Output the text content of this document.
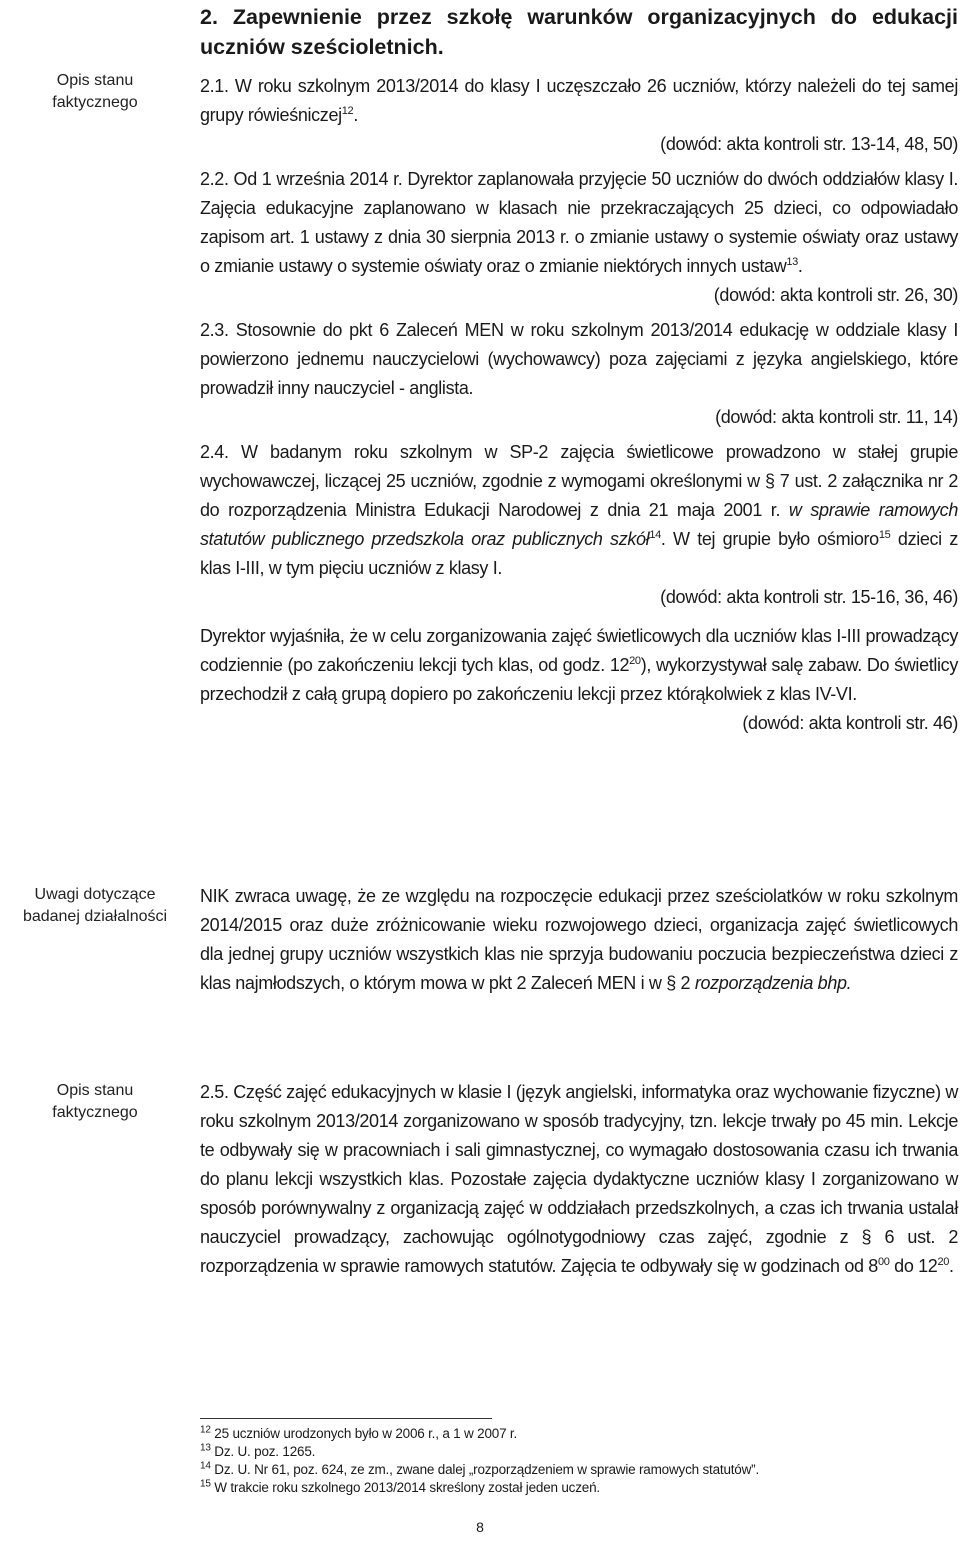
2. Zapewnienie przez szkołę warunków organizacyjnych do edukacji uczniów sześcioletnich.
Opis stanu
faktycznego
Uwagi dotyczące
badanej działalności
Opis stanu
faktycznego

2.1. W roku szkolnym 2013/2014 do klasy I uczęszczało 26 uczniów, którzy należeli do tej samej grupy rówieśniczej$^{12}$.

(dowód: akta kontroli str. 13-14, 48, 50)

2.2. Od 1 września 2014 r. Dyrektor zaplanowała przyjęcie 50 uczniów do dwóch oddziałów klasy I. Zajęcia edukacyjne zaplanowano w klasach nie przekraczających 25 dzieci, co odpowiadało zapisom art. 1 ustawy z dnia 30 sierpnia 2013 r. o zmianie ustawy o systemie oświaty oraz ustawy o zmianie ustawy o systemie oświaty oraz o zmianie niektórych innych ustaw$^{13}$.

(dowód: akta kontroli str. 26, 30)

2.3. Stosownie do pkt 6 Zaleceń MEN w roku szkolnym 2013/2014 edukację w oddziale klasy I powierzono jednemu nauczycielowi (wychowawcy) poza zajęciami z języka angielskiego, które prowadził inny nauczyciel - anglista.

(dowód: akta kontroli str. 11, 14)

2.4. W badanym roku szkolnym w SP-2 zajęcia świetlicowe prowadzono w stałej grupie wychowawczej, liczącej 25 uczniów, zgodnie z wymogami określonymi w § 7 ust. 2 załącznika nr 2 do rozporządzenia Ministra Edukacji Narodowej z dnia 21 maja 2001 r. w sprawie ramowych statutów publicznego przedszkola oraz publicznych szkół$^{14}$. W tej grupie było ośmioro$^{15}$ dzieci z klas I-III, w tym pięciu uczniów z klasy I.

(dowód: akta kontroli str. 15-16, 36, 46)

Dyrektor wyjaśniła, że w celu zorganizowania zajęć świetlicowych dla uczniów klas I-III prowadzący codziennie (po zakończeniu lekcji tych klas, od godz. $12^{20}$), wykorzystywał salę zabaw. Do świetlicy przechodził z całą grupą dopiero po zakończeniu lekcji przez którąkolwiek z klas IV-VI.

(dowód: akta kontroli str. 46)

NIK zwraca uwagę, że ze względu na rozpoczęcie edukacji przez sześciolatków w roku szkolnym 2014/2015 oraz duże zróżnicowanie wieku rozwojowego dzieci, organizacja zajęć świetlicowych dla jednej grupy uczniów wszystkich klas nie sprzyja budowaniu poczucia bezpieczeństwa dzieci z klas najmłodszych, o którym mowa w pkt 2 Zaleceń MEN i w § 2 rozporządzenia bhp.

2.5. Część zajęć edukacyjnych w klasie I (język angielski, informatyka oraz wychowanie fizyczne) w roku szkolnym 2013/2014 zorganizowano w sposób tradycyjny, tzn. lekcje trwały po 45 min. Lekcje te odbywały się w pracowniach i sali gimnastycznej, co wymagało dostosowania czasu ich trwania do planu lekcji wszystkich klas. Pozostałe zajęcia dydaktyczne uczniów klasy I zorganizowano w sposób porównywalny z organizacją zajęć w oddziałach przedszkolnych, a czas ich trwania ustalał nauczyciel prowadzący, zachowując ogólnotygodniowy czas zajęć, zgodnie z § 6 ust. 2 rozporządzenia w sprawie ramowych statutów. Zajęcia te odbywały się w godzinach od $8^{00}$ do $12^{20}$.

$^{12}$ 25 uczniów urodzonych było w 2006 r., a 1 w 2007 r.
$^{13}$ Dz. U. poz. 1265.
$^{14}$ Dz. U. Nr 61, poz. 624, ze zm., zwane dalej „rozporządzeniem w sprawie ramowych statutów”.
$^{15}$ W trakcie roku szkolnego 2013/2014 skreślony został jeden uczeń.
8
